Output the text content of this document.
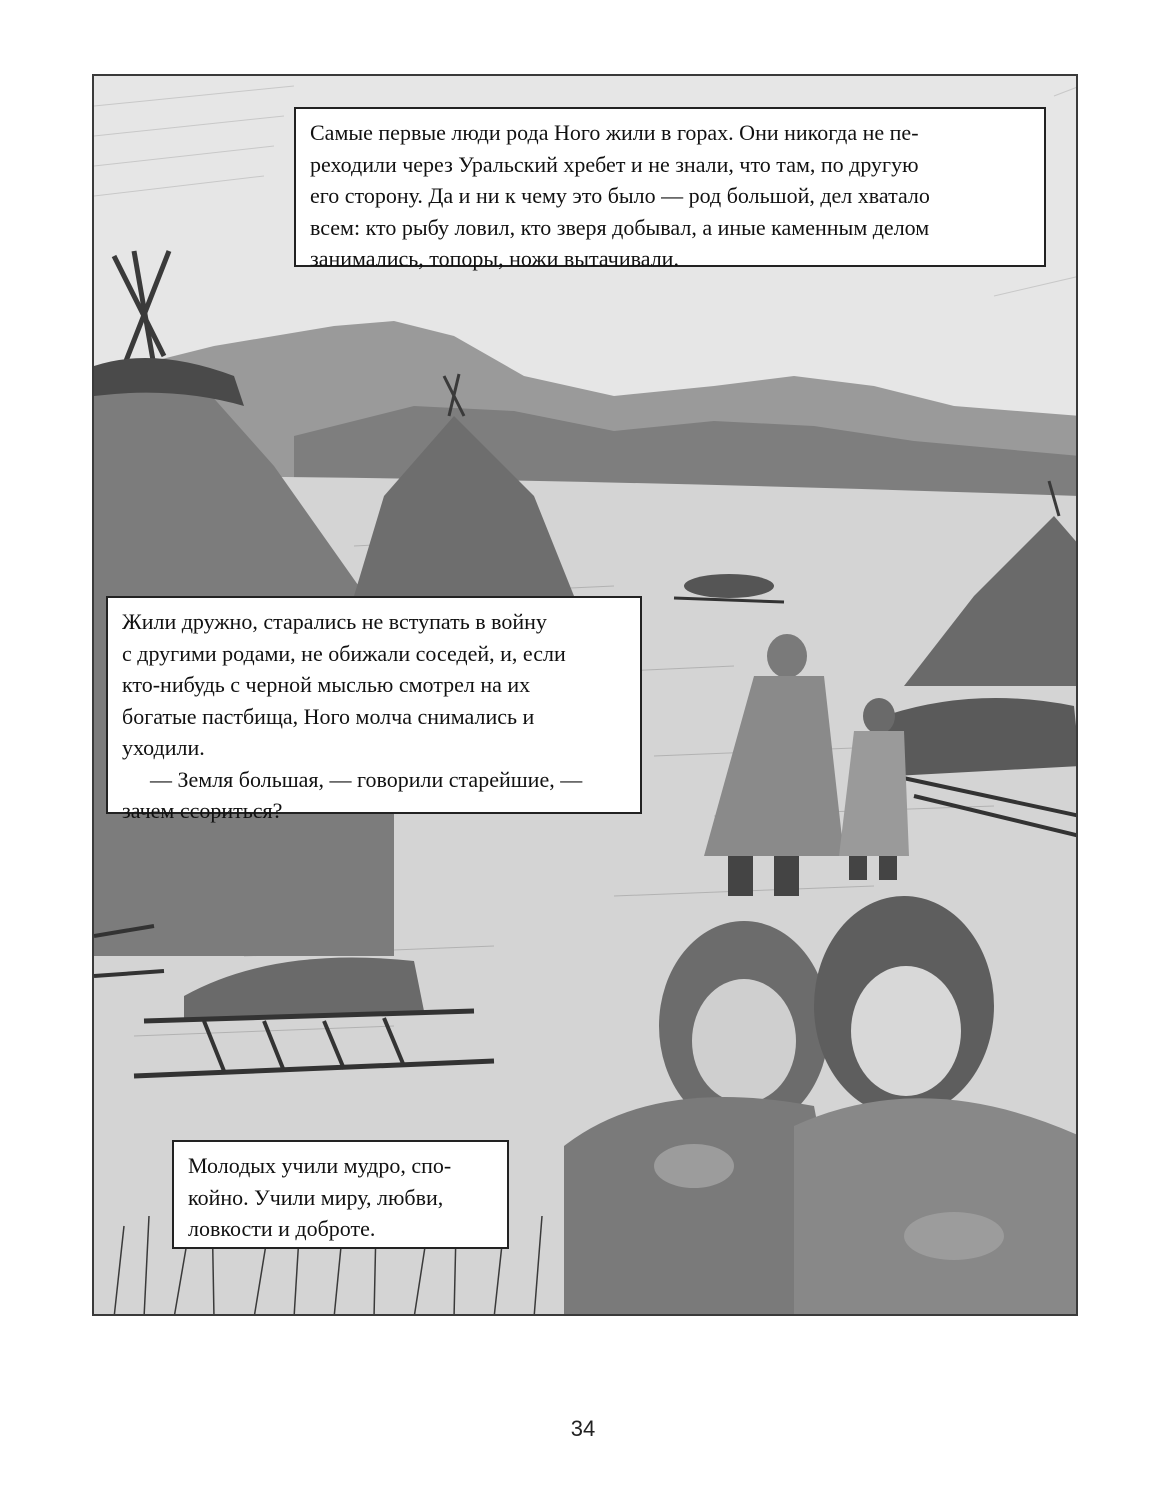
Самые первые люди рода Ного жили в горах. Они никогда не пе-
реходили через Уральский хребет и не знали, что там, по другую
его сторону. Да и ни к чему это было — род большой, дел хватало
всем: кто рыбу ловил, кто зверя добывал, а иные каменным делом
занимались, топоры, ножи вытачивали.

Жили дружно, старались не вступать в войну
с другими родами, не обижали соседей, и, если
кто-нибудь с черной мыслью смотрел на их
богатые пастбища, Ного молча снимались и
уходили.

— Земля большая, — говорили старейшие, —
зачем ссориться?

Молодых учили мудро, спо-
койно. Учили миру, любви,
ловкости и доброте.

34
